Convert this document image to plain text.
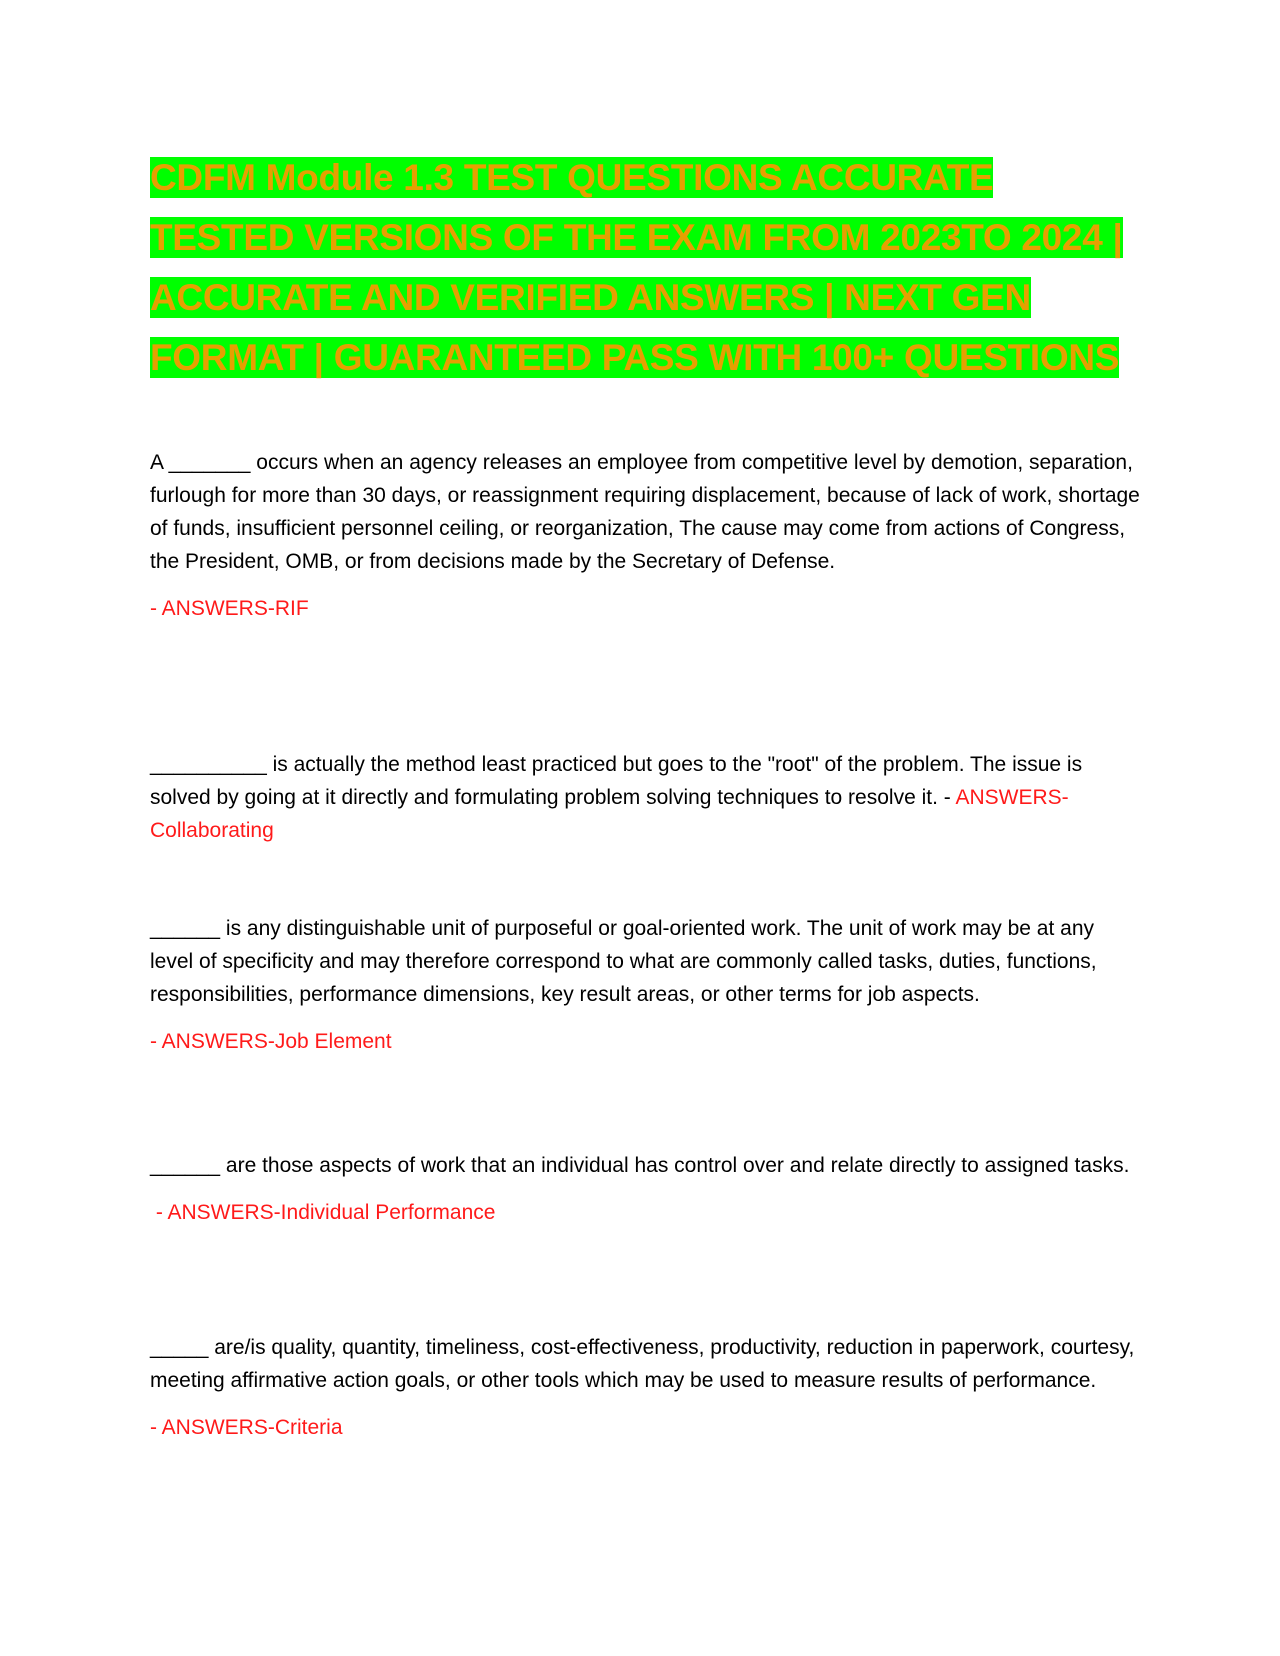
CDFM Module 1.3 TEST QUESTIONS ACCURATE TESTED VERSIONS OF THE EXAM FROM 2023TO 2024 | ACCURATE AND VERIFIED ANSWERS | NEXT GEN FORMAT | GUARANTEED PASS WITH 100+ QUESTIONS

A _______ occurs when an agency releases an employee from competitive level by demotion, separation, furlough for more than 30 days, or reassignment requiring displacement, because of lack of work, shortage of funds, insufficient personnel ceiling, or reorganization, The cause may come from actions of Congress, the President, OMB, or from decisions made by the Secretary of Defense.

- ANSWERS-RIF

__________ is actually the method least practiced but goes to the "root" of the problem. The issue is solved by going at it directly and formulating problem solving techniques to resolve it. - ANSWERS-Collaborating

______ is any distinguishable unit of purposeful or goal-oriented work. The unit of work may be at any level of specificity and may therefore correspond to what are commonly called tasks, duties, functions, responsibilities, performance dimensions, key result areas, or other terms for job aspects.

- ANSWERS-Job Element

______ are those aspects of work that an individual has control over and relate directly to assigned tasks.

- ANSWERS-Individual Performance

_____ are/is quality, quantity, timeliness, cost-effectiveness, productivity, reduction in paperwork, courtesy, meeting affirmative action goals, or other tools which may be used to measure results of performance.

- ANSWERS-Criteria
